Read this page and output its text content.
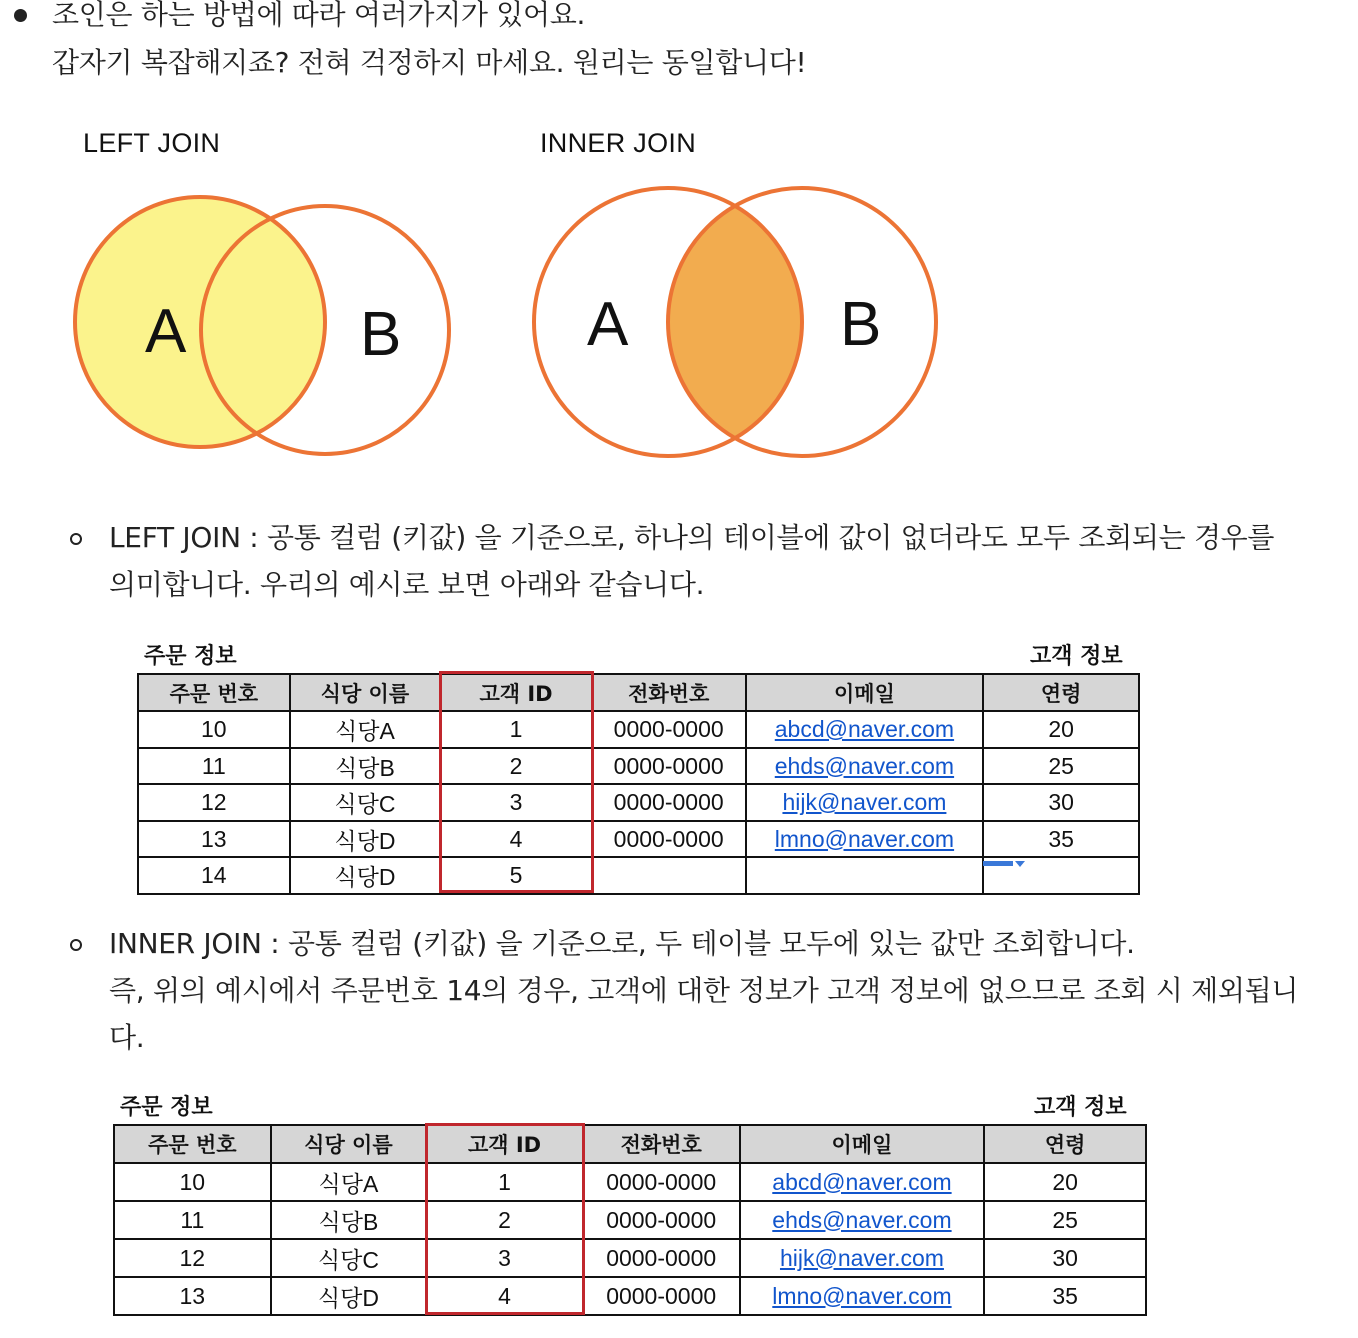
조인은 하는 방법에 따라 여러가지가 있어요.
갑자기 복잡해지죠? 전혀 걱정하지 마세요. 원리는 동일합니다!
LEFT JOIN	INNER JOIN
A	B	A	B
LEFT JOIN : 공통 컬럼 (키값) 을 기준으로, 하나의 테이블에 값이 없더라도 모두 조회되는 경우를
의미합니다. 우리의 예시로 보면 아래와 같습니다.
주문 정보	고객 정보
주문 번호	식당 이름	고객 ID	전화번호	이메일	연령
10	식당A	1	0000-0000	abcd@naver.com	20
11	식당B	2	0000-0000	ehds@naver.com	25
12	식당C	3	0000-0000	hijk@naver.com	30
13	식당D	4	0000-0000	lmno@naver.com	35
14	식당D	5			
INNER JOIN : 공통 컬럼 (키값) 을 기준으로, 두 테이블 모두에 있는 값만 조회합니다.
즉, 위의 예시에서 주문번호 14의 경우, 고객에 대한 정보가 고객 정보에 없으므로 조회 시 제외됩니
다.
주문 정보	고객 정보
주문 번호	식당 이름	고객 ID	전화번호	이메일	연령
10	식당A	1	0000-0000	abcd@naver.com	20
11	식당B	2	0000-0000	ehds@naver.com	25
12	식당C	3	0000-0000	hijk@naver.com	30
13	식당D	4	0000-0000	lmno@naver.com	35
